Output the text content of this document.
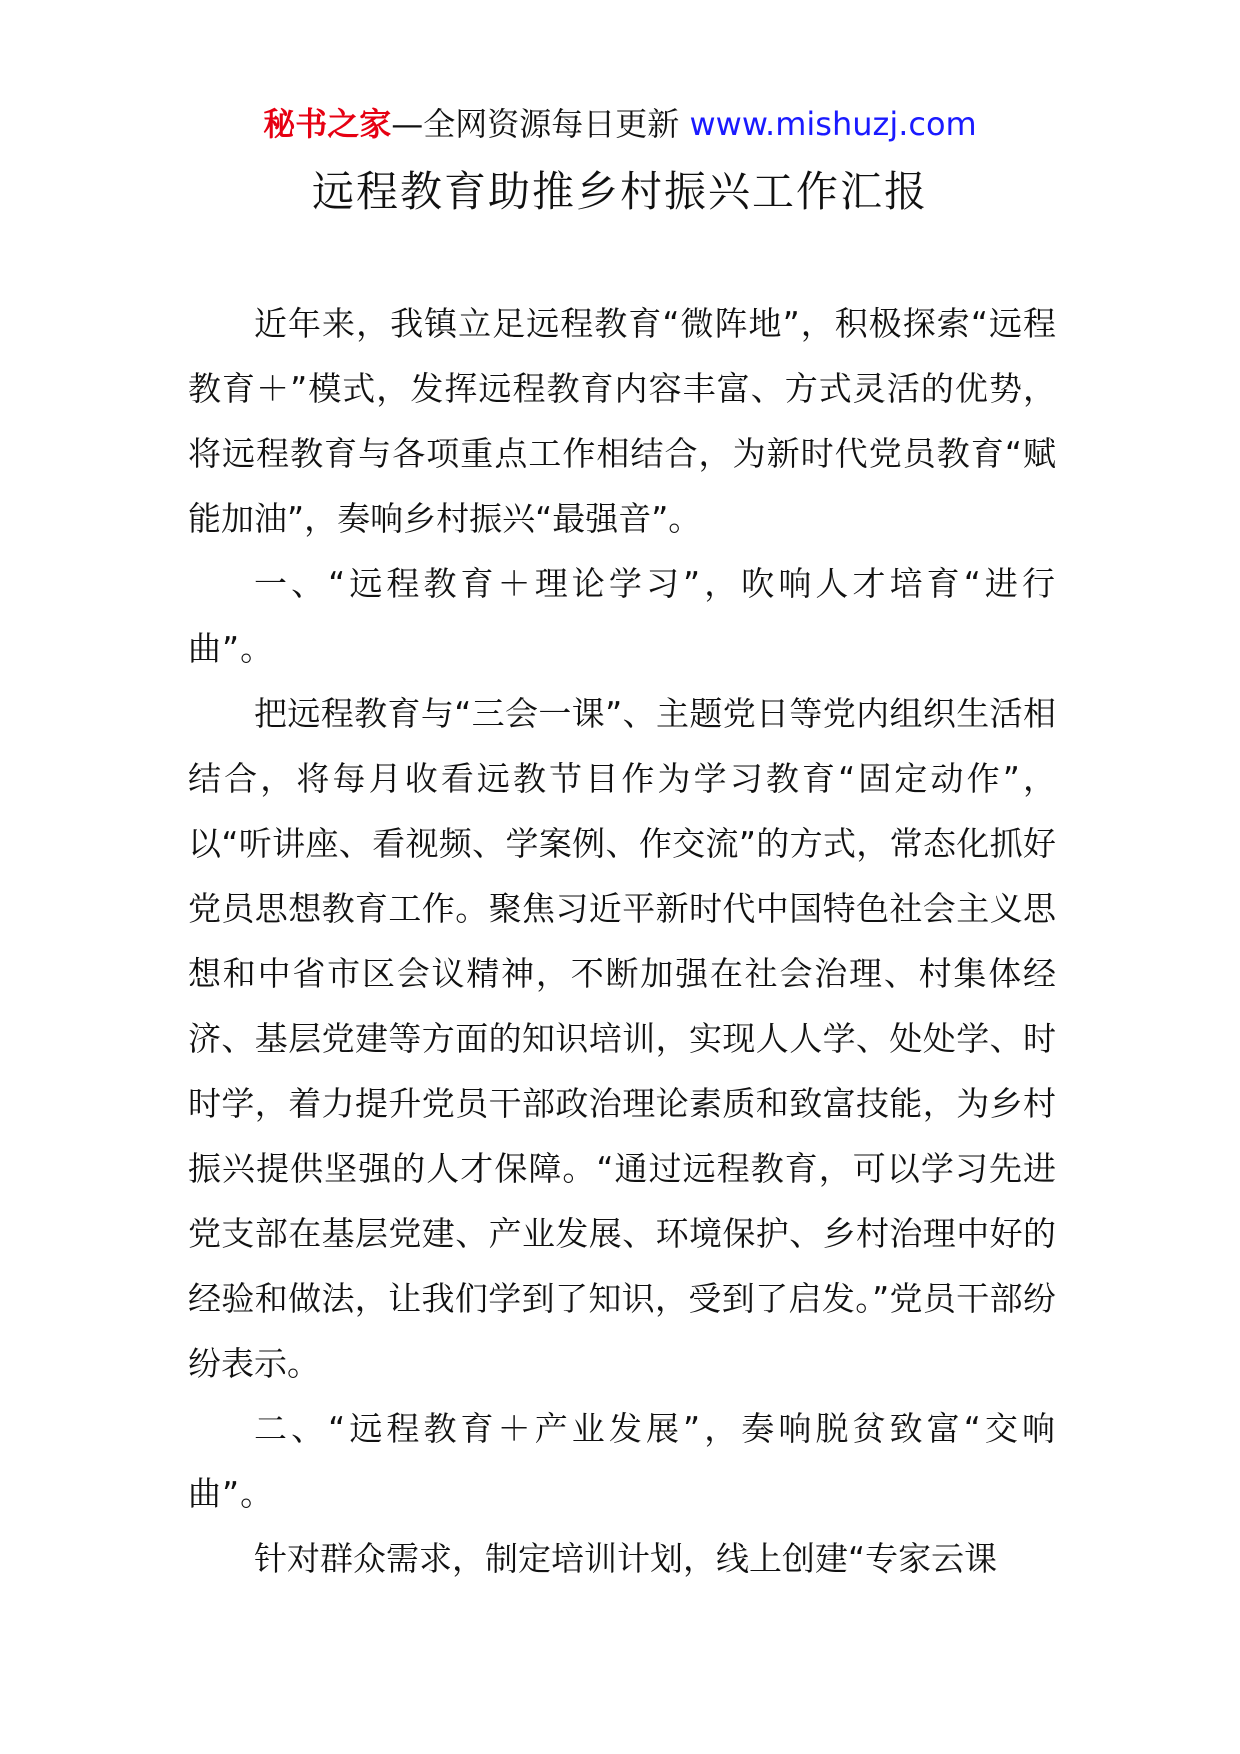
秘书之家—全网资源每日更新 www.mishuzj.com
远程教育助推乡村振兴工作汇报

近年来，我镇立足远程教育“微阵地”，积极探索“远程教育＋”模式，发挥远程教育内容丰富、方式灵活的优势，将远程教育与各项重点工作相结合，为新时代党员教育“赋能加油”，奏响乡村振兴“最强音”。

一、“远程教育＋理论学习”，吹响人才培育“进行曲”。

把远程教育与“三会一课”、主题党日等党内组织生活相结合，将每月收看远教节目作为学习教育“固定动作”，以“听讲座、看视频、学案例、作交流”的方式，常态化抓好党员思想教育工作。聚焦习近平新时代中国特色社会主义思想和中省市区会议精神，不断加强在社会治理、村集体经济、基层党建等方面的知识培训，实现人人学、处处学、时时学，着力提升党员干部政治理论素质和致富技能，为乡村振兴提供坚强的人才保障。“通过远程教育，可以学习先进党支部在基层党建、产业发展、环境保护、乡村治理中好的经验和做法，让我们学到了知识，受到了启发。”党员干部纷纷表示。

二、“远程教育＋产业发展”，奏响脱贫致富“交响曲”。

针对群众需求，制定培训计划，线上创建“专家云课
